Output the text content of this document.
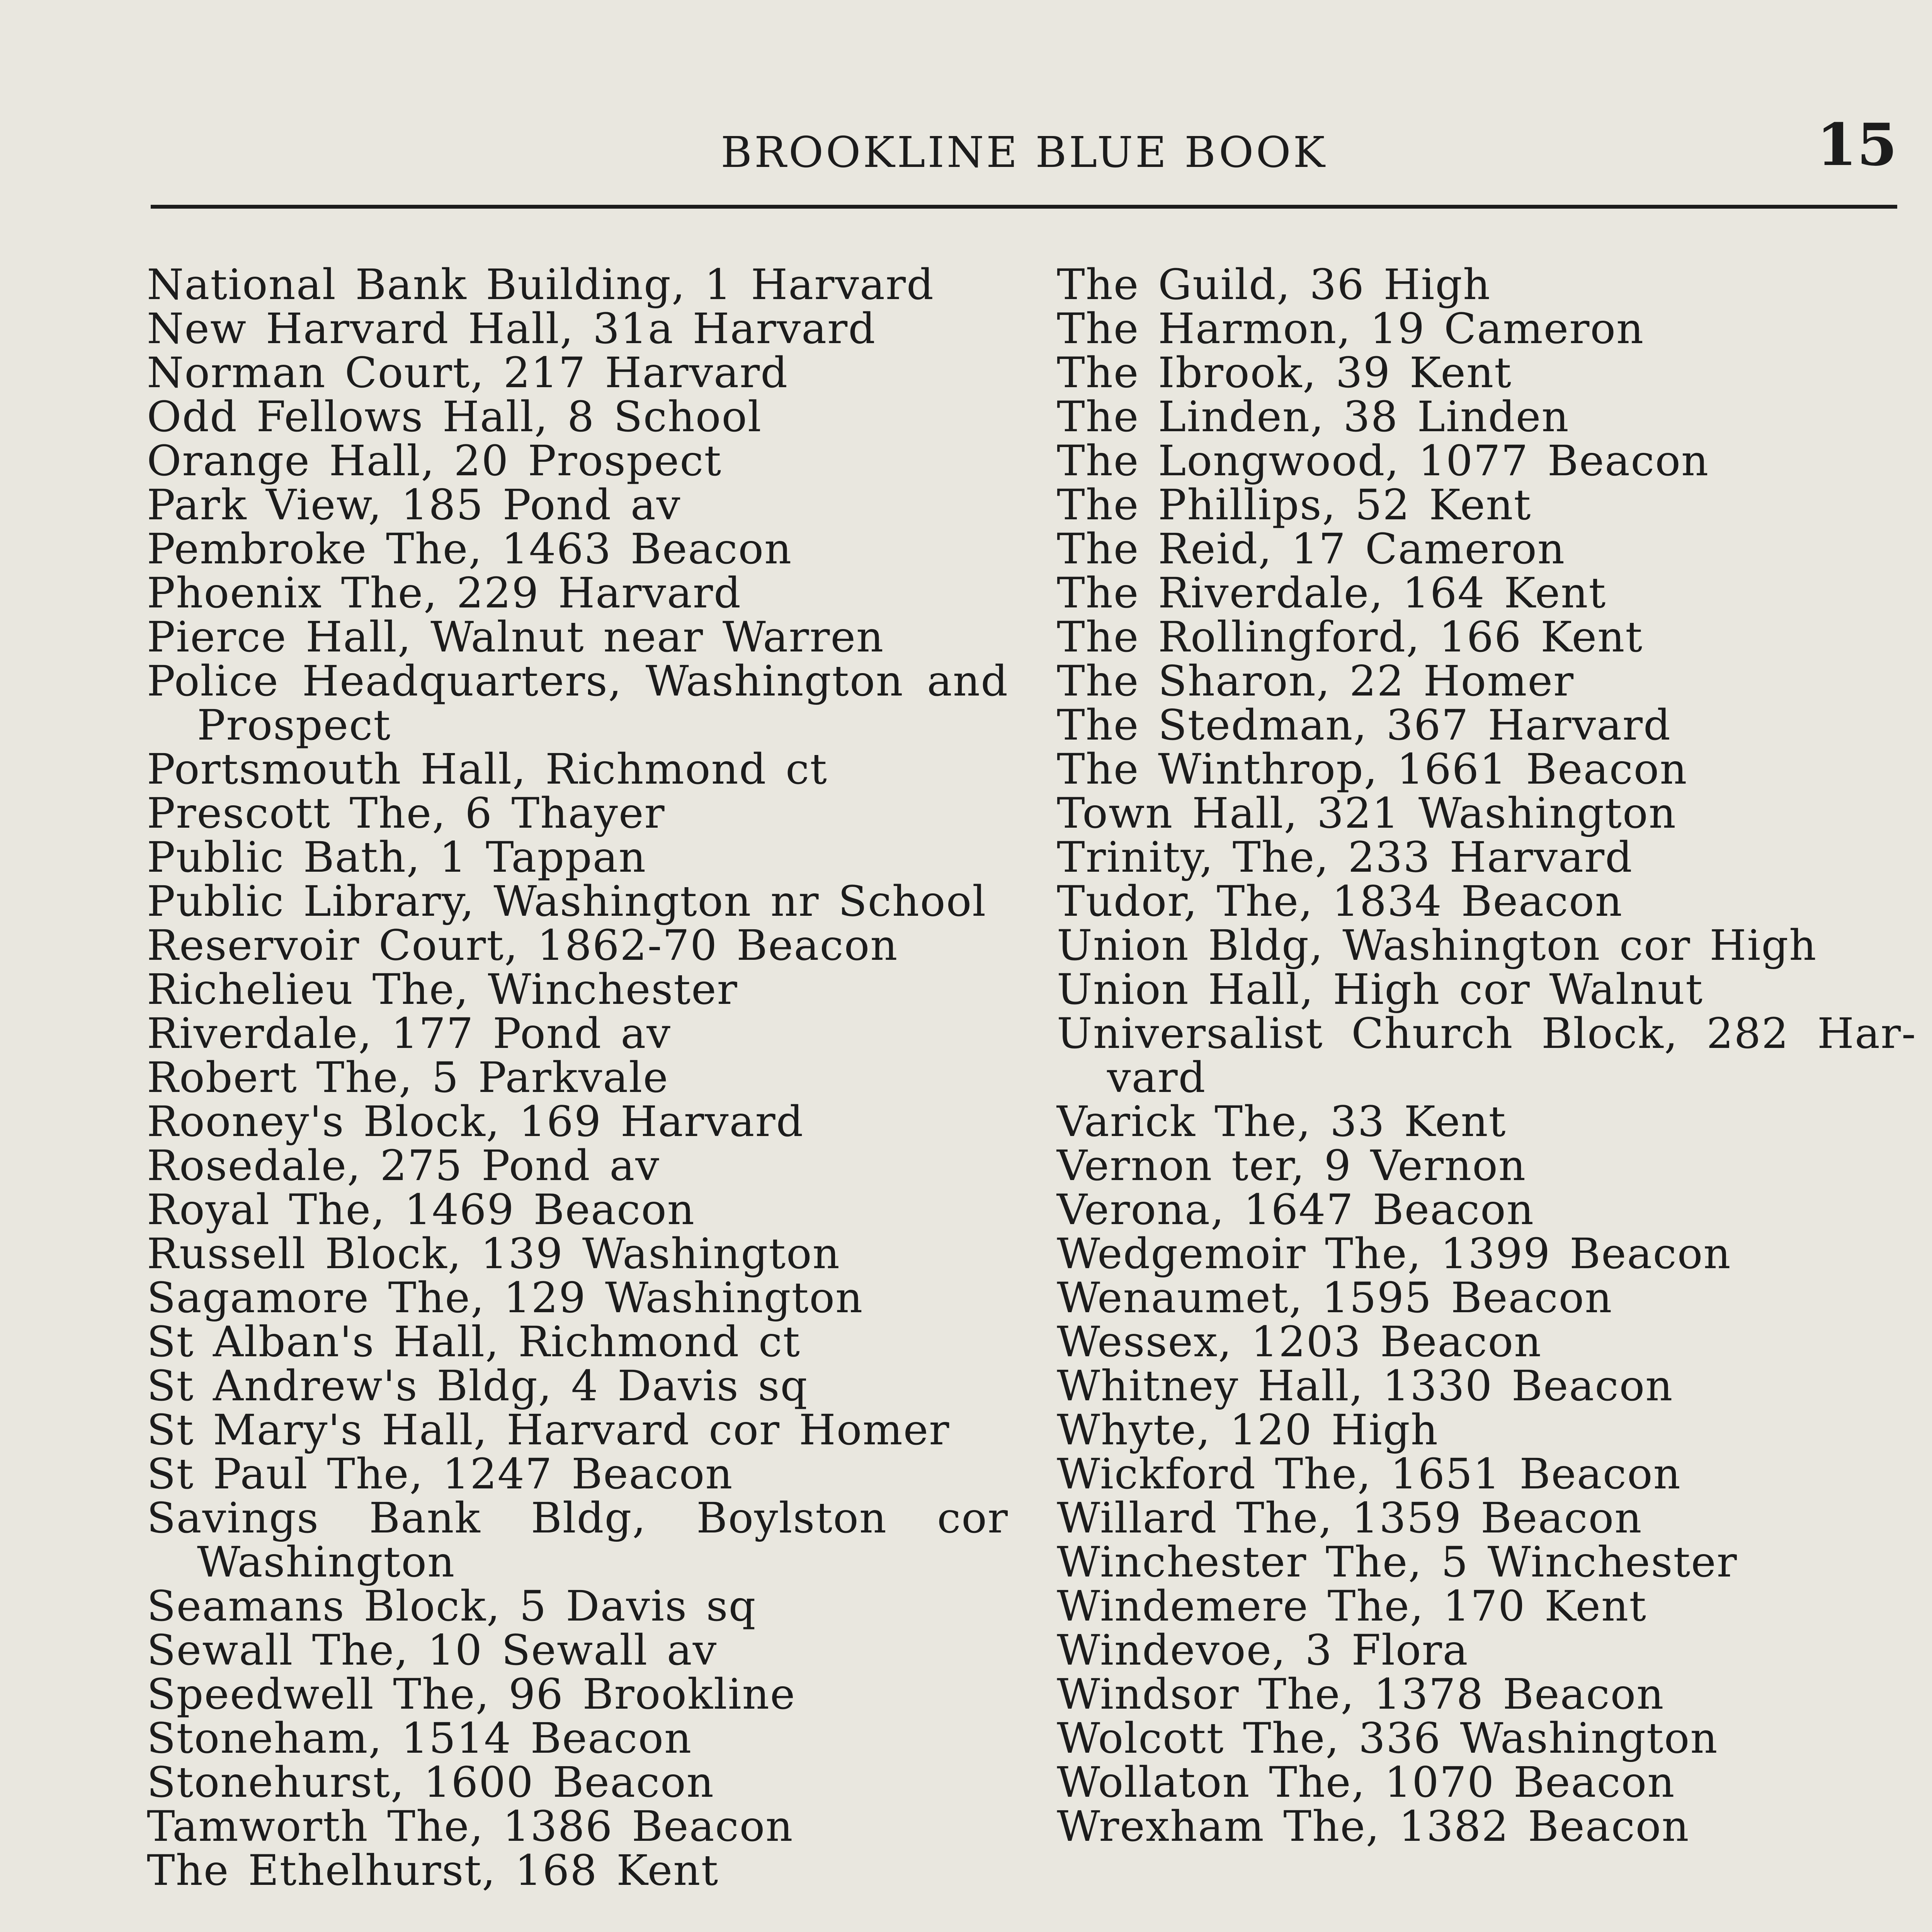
BROOKLINE BLUE BOOK	15
National Bank Building, 1 Harvard
New Harvard Hall, 31a Harvard
Norman Court, 217 Harvard
Odd Fellows Hall, 8 School
Orange Hall, 20 Prospect
Park View, 185 Pond av
Pembroke The, 1463 Beacon
Phoenix The, 229 Harvard
Pierce Hall, Walnut near Warren
Police Headquarters, Washington and Prospect
Portsmouth Hall, Richmond ct
Prescott The, 6 Thayer
Public Bath, 1 Tappan
Public Library, Washington nr School
Reservoir Court, 1862-70 Beacon
Richelieu The, Winchester
Riverdale, 177 Pond av
Robert The, 5 Parkvale
Rooney's Block, 169 Harvard
Rosedale, 275 Pond av
Royal The, 1469 Beacon
Russell Block, 139 Washington
Sagamore The, 129 Washington
St Alban's Hall, Richmond ct
St Andrew's Bldg, 4 Davis sq
St Mary's Hall, Harvard cor Homer
St Paul The, 1247 Beacon
Savings Bank Bldg, Boylston cor Washington
Seamans Block, 5 Davis sq
Sewall The, 10 Sewall av
Speedwell The, 96 Brookline
Stoneham, 1514 Beacon
Stonehurst, 1600 Beacon
Tamworth The, 1386 Beacon
The Ethelhurst, 168 Kent
The Guild, 36 High
The Harmon, 19 Cameron
The Ibrook, 39 Kent
The Linden, 38 Linden
The Longwood, 1077 Beacon
The Phillips, 52 Kent
The Reid, 17 Cameron
The Riverdale, 164 Kent
The Rollingford, 166 Kent
The Sharon, 22 Homer
The Stedman, 367 Harvard
The Winthrop, 1661 Beacon
Town Hall, 321 Washington
Trinity, The, 233 Harvard
Tudor, The, 1834 Beacon
Union Bldg, Washington cor High
Union Hall, High cor Walnut
Universalist Church Block, 282 Har-vard
Varick The, 33 Kent
Vernon ter, 9 Vernon
Verona, 1647 Beacon
Wedgemoir The, 1399 Beacon
Wenaumet, 1595 Beacon
Wessex, 1203 Beacon
Whitney Hall, 1330 Beacon
Whyte, 120 High
Wickford The, 1651 Beacon
Willard The, 1359 Beacon
Winchester The, 5 Winchester
Windemere The, 170 Kent
Windevoe, 3 Flora
Windsor The, 1378 Beacon
Wolcott The, 336 Washington
Wollaton The, 1070 Beacon
Wrexham The, 1382 Beacon
